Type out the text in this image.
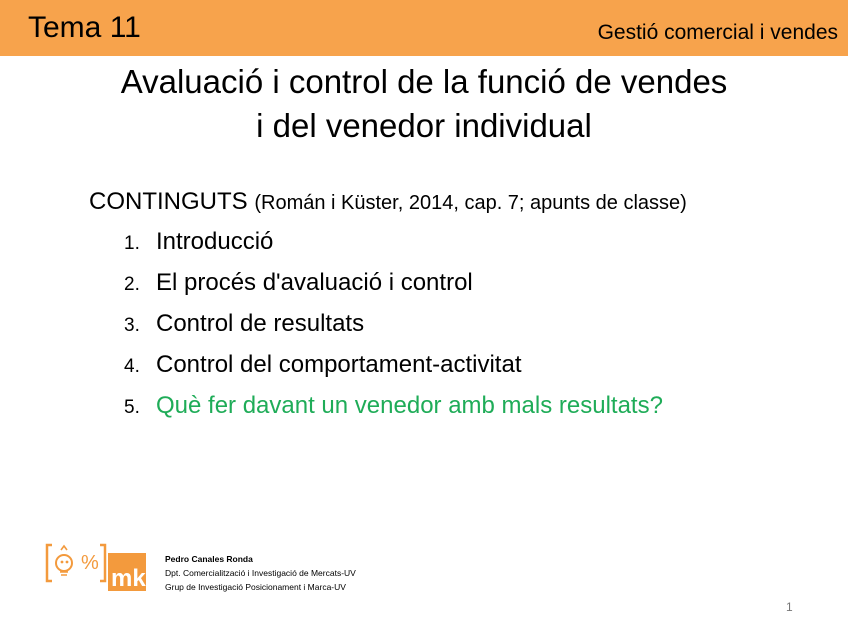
Tema 11	Gestió comercial i vendes
Avaluació i control de la funció de vendes
i del venedor individual
CONTINGUTS (Román i Küster, 2014, cap. 7; apunts de classe)
1. Introducció
2. El procés d'avaluació i control
3. Control de resultats
4. Control del comportament-activitat
5. Què fer davant un venedor amb mals resultats?
%
mk
Pedro Canales Ronda
Dpt. Comercialització i Investigació de Mercats-UV
Grup de Investigació Posicionament i Marca-UV
1
